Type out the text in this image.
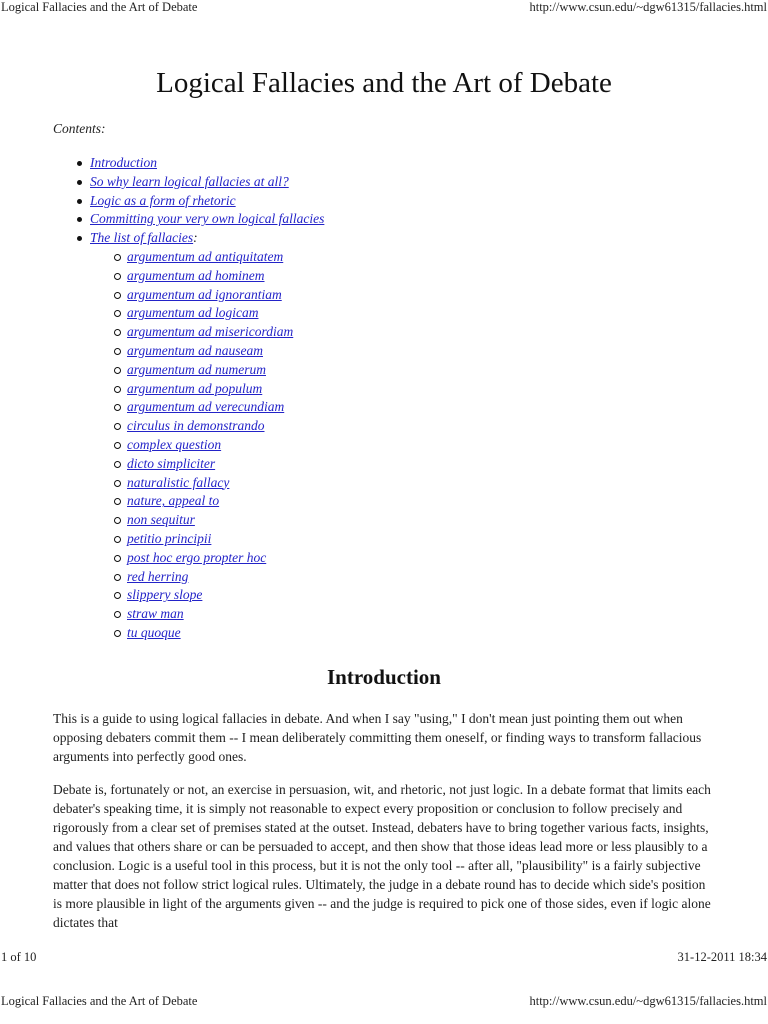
Logical Fallacies and the Art of Debate	http://www.csun.edu/~dgw61315/fallacies.html
Logical Fallacies and the Art of Debate
Contents:
Introduction
So why learn logical fallacies at all?
Logic as a form of rhetoric
Committing your very own logical fallacies
The list of fallacies:
argumentum ad antiquitatem
argumentum ad hominem
argumentum ad ignorantiam
argumentum ad logicam
argumentum ad misericordiam
argumentum ad nauseam
argumentum ad numerum
argumentum ad populum
argumentum ad verecundiam
circulus in demonstrando
complex question
dicto simpliciter
naturalistic fallacy
nature, appeal to
non sequitur
petitio principii
post hoc ergo propter hoc
red herring
slippery slope
straw man
tu quoque
Introduction

This is a guide to using logical fallacies in debate. And when I say "using," I don't mean just pointing them out when opposing debaters commit them -- I mean deliberately committing them oneself, or finding ways to transform fallacious arguments into perfectly good ones.

Debate is, fortunately or not, an exercise in persuasion, wit, and rhetoric, not just logic. In a debate format that limits each debater's speaking time, it is simply not reasonable to expect every proposition or conclusion to follow precisely and rigorously from a clear set of premises stated at the outset. Instead, debaters have to bring together various facts, insights, and values that others share or can be persuaded to accept, and then show that those ideas lead more or less plausibly to a conclusion. Logic is a useful tool in this process, but it is not the only tool -- after all, "plausibility" is a fairly subjective matter that does not follow strict logical rules. Ultimately, the judge in a debate round has to decide which side's position is more plausible in light of the arguments given -- and the judge is required to pick one of those sides, even if logic alone dictates that

1 of 10	31-12-2011 18:34
Logical Fallacies and the Art of Debate	http://www.csun.edu/~dgw61315/fallacies.html
